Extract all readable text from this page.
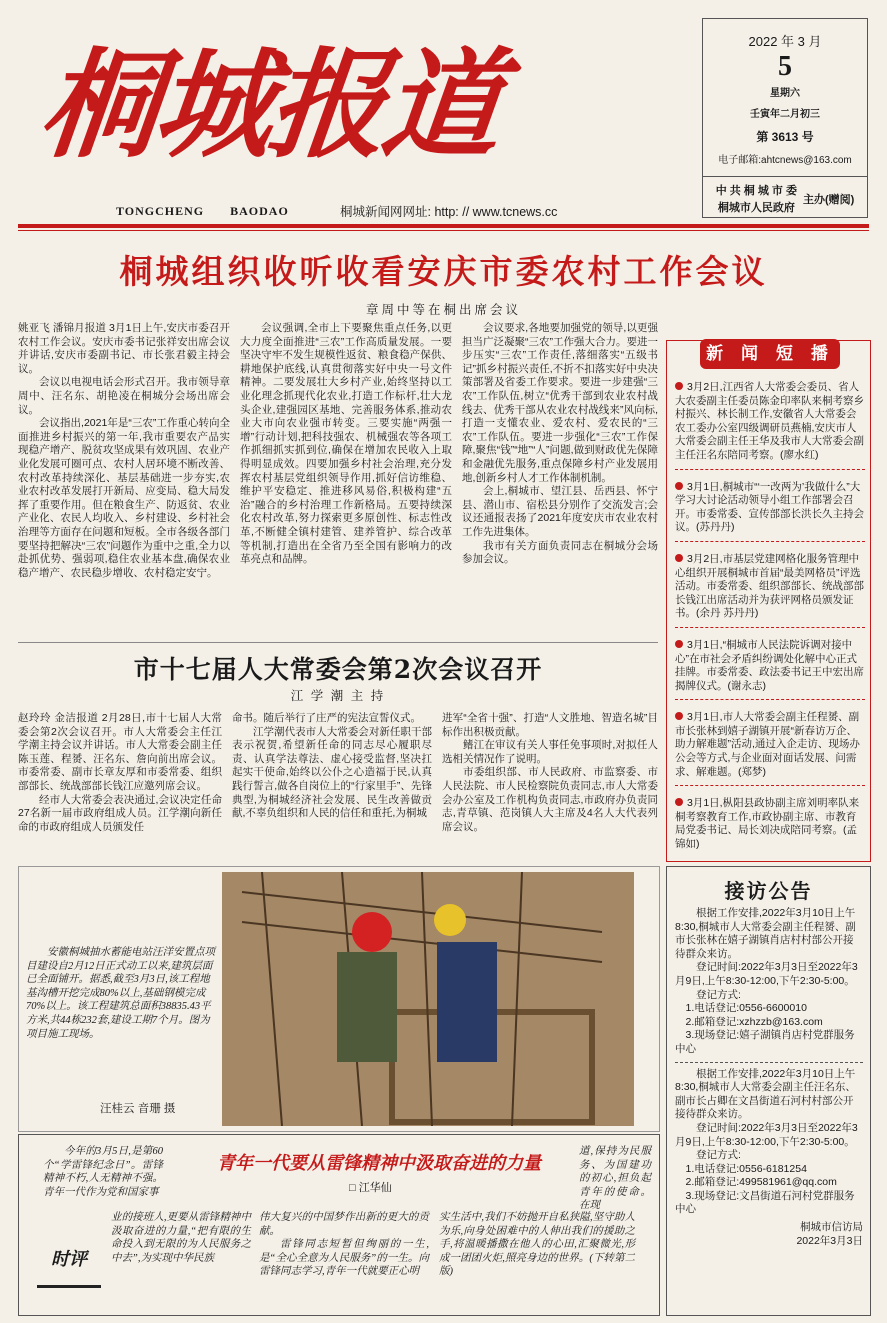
桐城报道
TONGCHENG BAODAO	桐城新闻网网址: http: // www.tcnews.cc
2022 年 3 月
5
星期六
壬寅年二月初三
第 3613 号
电子邮箱:ahtcnews@163.com
中 共 桐 城 市 委
桐城市人民政府
主办(赠阅)
桐城组织收听收看安庆市委农村工作会议
章周中等在桐出席会议

会议强调,全市上下要聚焦重点任务,以更大力度全面推进“三农”工作高质量发展。一要坚决守牢不发生规模性返贫、粮食稳产保供、耕地保护底线,认真贯彻落实好中央一号文件精神。二要发展壮大乡村产业,始终坚持以工业化理念抓现代化农业,打造工作标杆,壮大龙头企业,建强园区基地、完善服务体系,推动农业大市向农业强市转变。三要实施“两强一增”行动计划,把科技强农、机械强农等各项工作抓细抓实抓到位,确保在增加农民收入上取得明显成效。四要加强乡村社会治理,充分发挥农村基层党组织领导作用,抓好信访维稳、维护平安稳定、推进移风易俗,积极构建“五治”融合的乡村治理工作新格局。五要持续深化农村改革,努力探索更多原创性、标志性改革,不断健全镇村建管、建养管护、综合改革等机制,打造出在全省乃至全国有影响力的改革亮点和品牌。

姚亚飞 潘锦月报道 3月1日上午,安庆市委召开农村工作会议。安庆市委书记张祥安出席会议并讲话,安庆市委副书记、市长张君毅主持会议。

会议以电视电话会形式召开。我市领导章周中、汪名东、胡艳凌在桐城分会场出席会议。

会议指出,2021年是“三农”工作重心转向全面推进乡村振兴的第一年,我市重要农产品实现稳产增产、脱贫攻坚成果有效巩固、农业产业化发展可圈可点、农村人居环境不断改善、农村改革持续深化、基层基础进一步夯实,农业农村改革发展打开新局、应变局、稳大局发挥了重要作用。但在粮食生产、防返贫、农业产业化、农民人均收入、乡村建设、乡村社会治理等方面存在问题和短板。全市各级各部门要坚持把解决“三农”问题作为重中之重,全力以赴抓优势、强弱项,稳住农业基本盘,确保农业稳产增产、农民稳步增收、农村稳定安宁。

会议要求,各地要加强党的领导,以更强担当广泛凝聚“三农”工作强大合力。要进一步压实“三农”工作责任,落细落实“五级书记”抓乡村振兴责任,不折不扣落实好中央决策部署及省委工作要求。要进一步建强“三农”工作队伍,树立“优秀干部到农业农村战线去、优秀干部从农业农村战线来”风向标,打造一支懂农业、爱农村、爱农民的“三农”工作队伍。要进一步强化“三农”工作保障,聚焦“钱”“地”“人”问题,做到财政优先保障和金融优先服务,重点保障乡村产业发展用地,创新乡村人才工作体制机制。

会上,桐城市、望江县、岳西县、怀宁县、潜山市、宿松县分别作了交流发言;会议还通报表扬了2021年度安庆市农业农村工作先进集体。

我市有关方面负责同志在桐城分会场参加会议。

3月2日,江西省人大常委会委员、省人大农委副主任委员陈金印率队来桐考察乡村振兴、林长制工作,安徽省人大常委会农工委办公室四级调研员燕楠,安庆市人大常委会副主任王华及我市人大常委会副主任汪名东陪同考察。(廖水红)
3月1日,桐城市“‘一改两为’我做什么”大学习大讨论活动领导小组工作部署会召开。市委常委、宣传部部长洪长久主持会议。(苏丹丹)
3月2日,市基层党建网格化服务管理中心组织开展桐城市首届“最美网格员”评选活动。市委常委、组织部部长、统战部部长钱江出席活动并为获评网格员颁发证书。(余丹 苏丹丹)
3月1日,“桐城市人民法院诉调对接中心”在市社会矛盾纠纷调处化解中心正式挂牌。市委常委、政法委书记王中宏出席揭牌仪式。(谢永志)
3月1日,市人大常委会副主任程赟、副市长张林到嬉子湖镇开展“新春访万企、助力解难题”活动,通过入企走访、现场办公会等方式,与企业面对面话发展、问需求、解难题。(郑梦)
3月1日,枞阳县政协副主席刘明率队来桐考察教育工作,市政协副主席、市教育局党委书记、局长刘决成陪同考察。(孟锦如)
新 闻 短 播
市十七届人大常委会第2次会议召开
江 学 潮 主 持

赵玲玲 金洁报道 2月28日,市十七届人大常委会第2次会议召开。市人大常委会主任江学潮主持会议并讲话。市人大常委会副主任陈玉莲、程赟、汪名东、詹向前出席会议。市委常委、副市长章友厚和市委常委、组织部部长、统战部部长钱江应邀列席会议。

经市人大常委会表决通过,会议决定任命27名新一届市政府组成人员。江学潮向新任命的市政府组成人员颁发任

命书。随后举行了庄严的宪法宣誓仪式。

江学潮代表市人大常委会对新任职干部表示祝贺,希望新任命的同志尽心履职尽责、认真学法尊法、虚心接受监督,坚决扛起实干使命,始终以公仆之心造福于民,认真践行誓言,做各自岗位上的“行家里手”、先锋典型,为桐城经济社会发展、民生改善做贡献,不辜负组织和人民的信任和重托,为桐城

进军“全省十强”、打造“人文胜地、智造名城”目标作出积极贡献。

鳍江在审议有关人事任免事项时,对拟任人选相关情况作了说明。

市委组织部、市人民政府、市监察委、市人民法院、市人民检察院负责同志,市人大常委会办公室及工作机构负责同志,市政府办负责同志,青草镇、范岗镇人大主席及4名人大代表列席会议。

安徽桐城抽水蓄能电站汪洋安置点项目建设自2月12日正式动工以来,建筑层面已全面铺开。据悉,截至3月3日,该工程地基沟槽开挖完成80%以上,基础钢模完成70%以上。该工程建筑总面积38835.43平方米,共44栋232套,建设工期7个月。图为项目施工现场。

汪桂云 音珊 摄
接访公告

根据工作安排,2022年3月10日上午8:30,桐城市人大常委会副主任程赟、副市长张林在嬉子湖镇肖店村村部公开接待群众来访。

登记时间:2022年3月3日至2022年3月9日,上午8:30-12:00,下午2:30-5:00。

登记方式:

1.电话登记:0556-6600010

2.邮箱登记:xzhzzb@163.com

3.现场登记:嬉子湖镇肖店村党群服务中心

根据工作安排,2022年3月10日上午8:30,桐城市人大常委会副主任汪名东、副市长占卿在文昌街道石河村村部公开接待群众来访。

登记时间:2022年3月3日至2022年3月9日,上午8:30-12:00,下午2:30-5:00。

登记方式:

1.电话登记:0556-6181254

2.邮箱登记:499581961@qq.com

3.现场登记:文昌街道石河村党群服务中心

桐城市信访局
2022年3月3日
青年一代要从雷锋精神中汲取奋进的力量
□ 江华仙
时评

今年的3月5日,是第60个“学雷锋纪念日”。雷锋精神不朽,人无精神不强。青年一代作为党和国家事

业的接班人,更要从雷锋精神中汲取奋进的力量,“把有限的生命投入到无限的为人民服务之中去”,为实现中华民族

伟大复兴的中国梦作出新的更大的贡献。

雷锋同志短暂但绚丽的一生,是“全心全意为人民服务”的一生。向雷锋同志学习,青年一代就要正心明

实生活中,我们不妨抛开自私狭隘,坚守助人为乐,向身处困难中的人伸出我们的援助之手,将温暖播撒在他人的心田,汇聚微光,形成一团团火炬,照亮身边的世界。(下转第二版)

道,保持为民服务、为国建功的初心,担负起青年的使命。在现
